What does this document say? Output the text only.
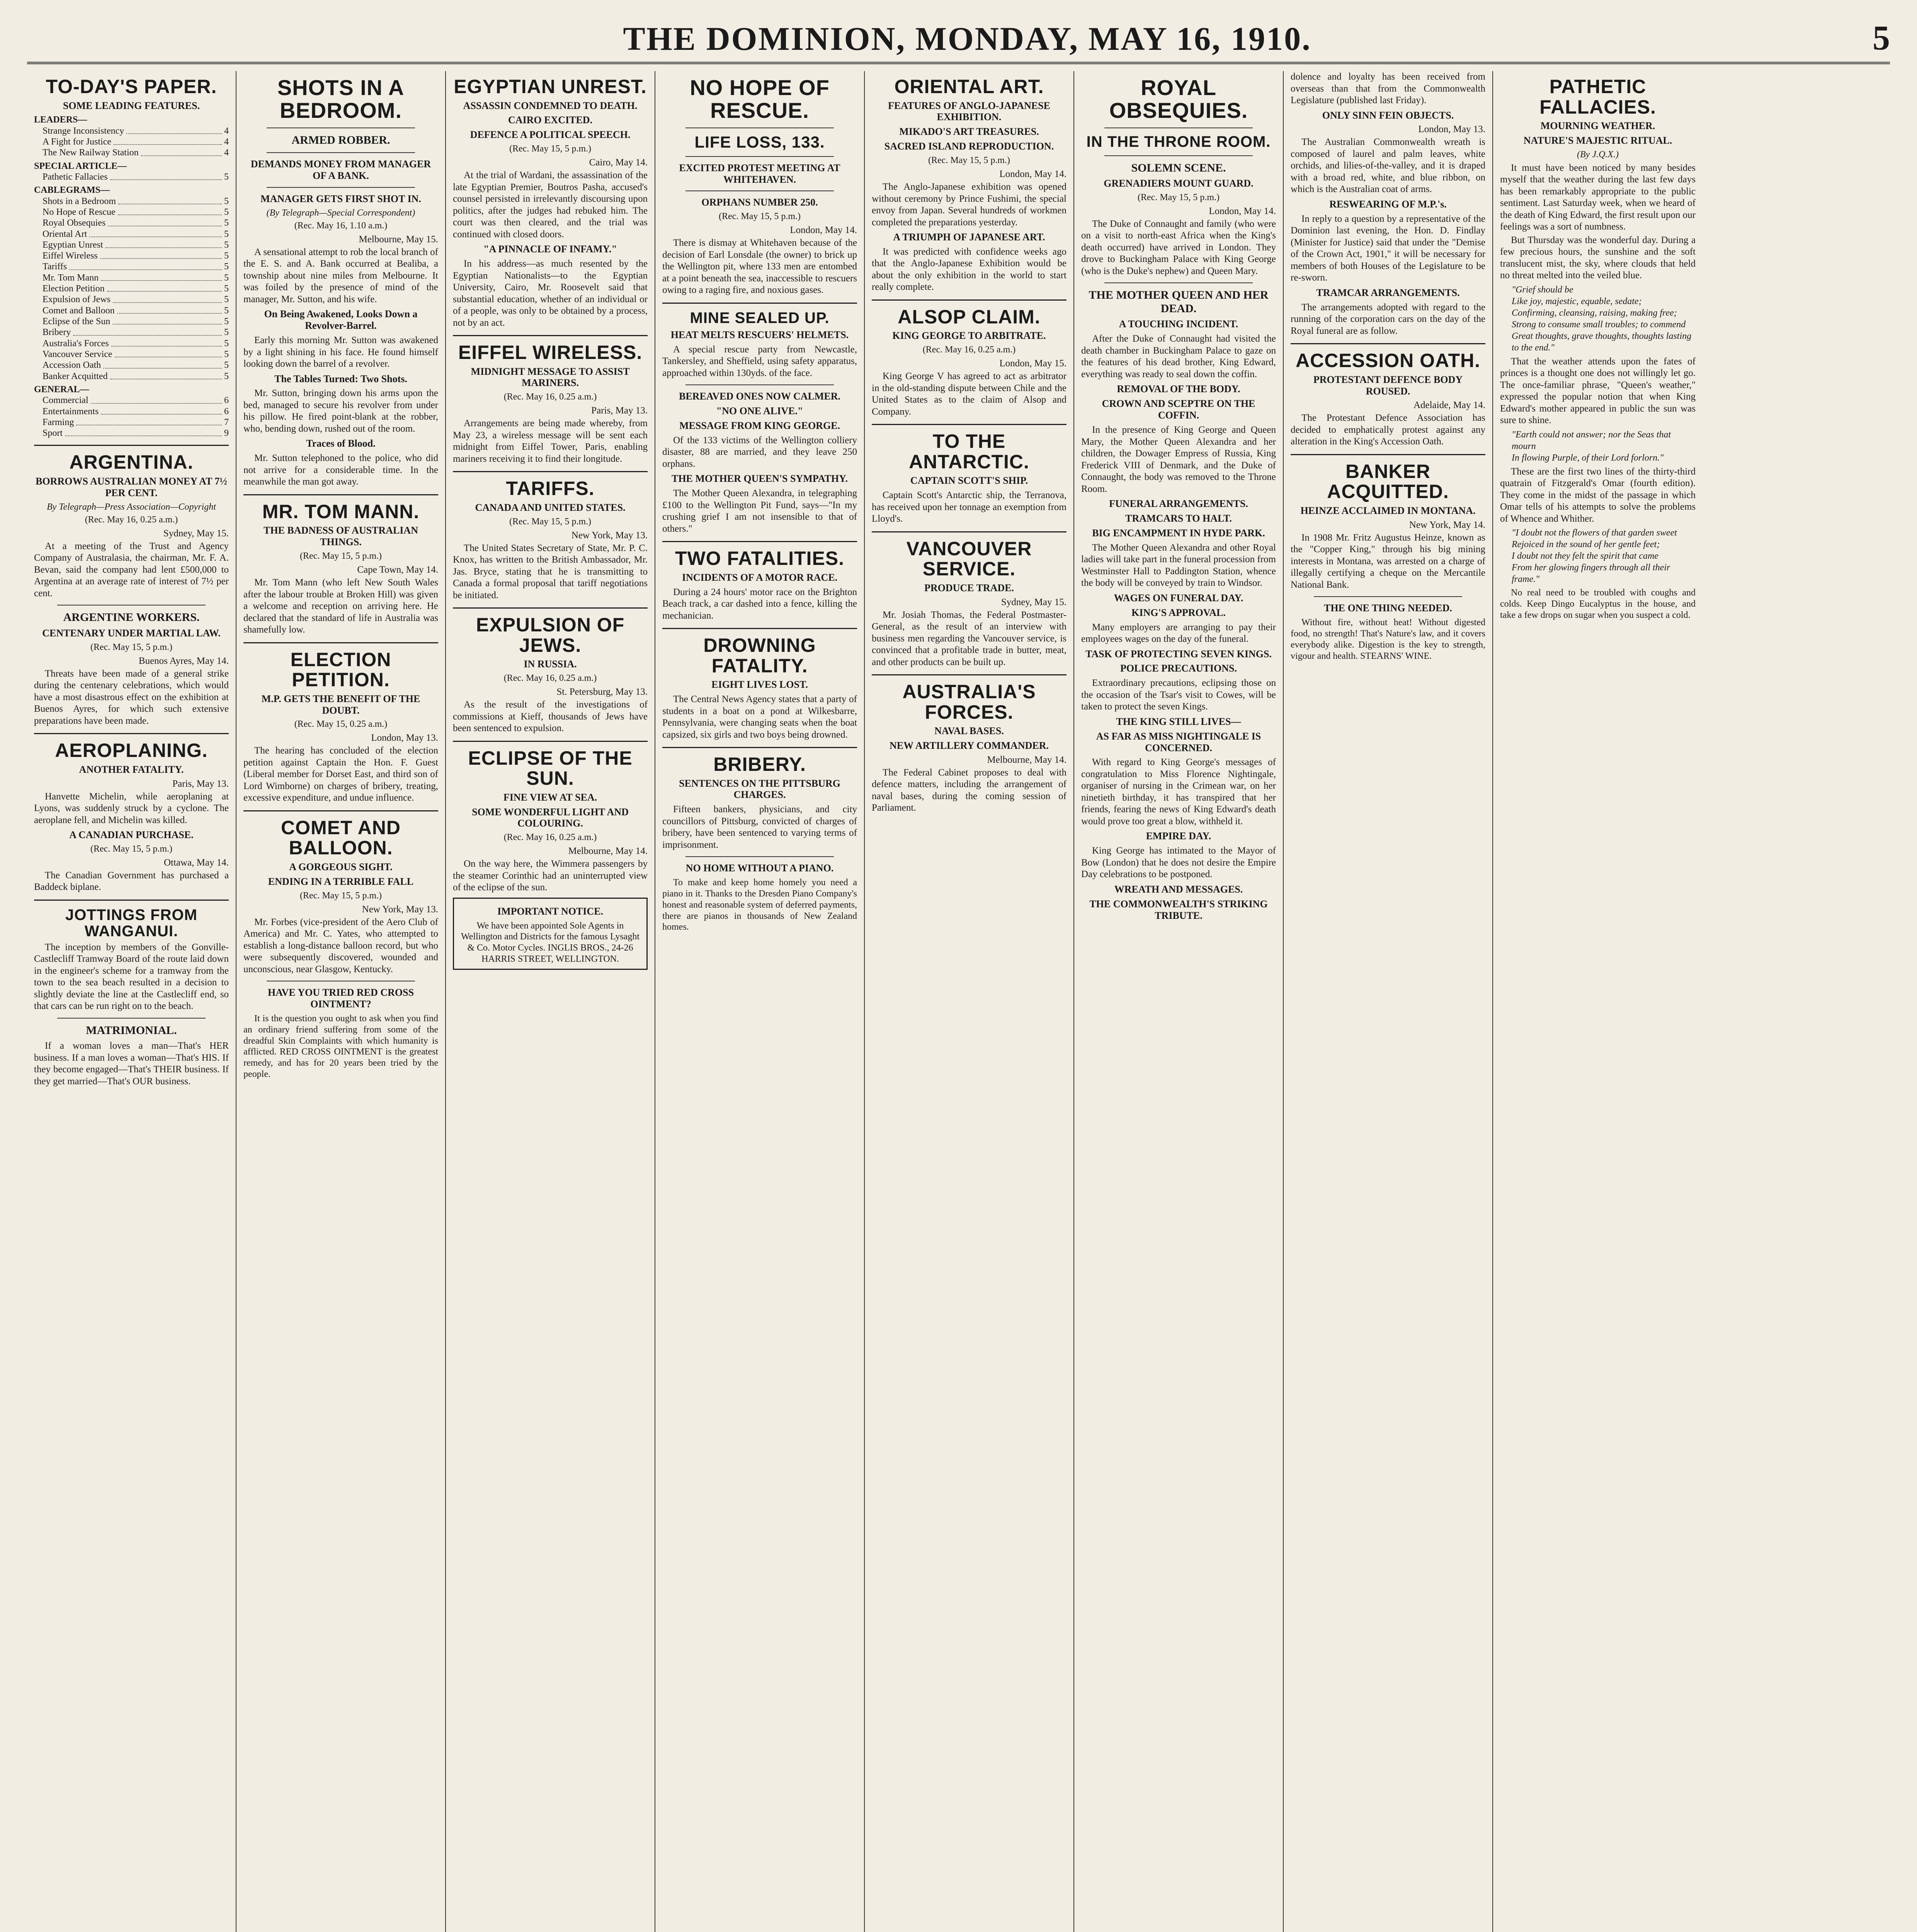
THE DOMINION, MONDAY, MAY 16, 1910.	5
TO-DAY'S PAPER.
SOME LEADING FEATURES.
LEADERS—
Strange Inconsistency	4
A Fight for Justice	4
The New Railway Station	4
SPECIAL ARTICLE—
Pathetic Fallacies	5
CABLEGRAMS—
Shots in a Bedroom	5
No Hope of Rescue	5
Royal Obsequies	5
Oriental Art	5
Egyptian Unrest	5
Eiffel Wireless	5
Tariffs	5
Mr. Tom Mann	5
Election Petition	5
Expulsion of Jews	5
Comet and Balloon	5
Eclipse of the Sun	5
Bribery	5
Australia's Forces	5
Vancouver Service	5
Accession Oath	5
Banker Acquitted	5
GENERAL—
Commercial	6
Entertainments	6
Farming	7
Sport	9
ARGENTINA.
BORROWS AUSTRALIAN MONEY AT 7½ PER CENT.
By Telegraph—Press Association—Copyright
(Rec. May 16, 0.25 a.m.)
Sydney, May 15.

At a meeting of the Trust and Agency Company of Australasia, the chairman, Mr. F. A. Bevan, said the company had lent £500,000 to Argentina at an average rate of interest of 7½ per cent.

ARGENTINE WORKERS.
CENTENARY UNDER MARTIAL LAW.
(Rec. May 15, 5 p.m.)
Buenos Ayres, May 14.

Threats have been made of a general strike during the centenary celebrations, which would have a most disastrous effect on the exhibition at Buenos Ayres, for which such extensive preparations have been made.

AEROPLANING.
ANOTHER FATALITY.
Paris, May 13.

Hanvette Michelin, while aeroplaning at Lyons, was suddenly struck by a cyclone. The aeroplane fell, and Michelin was killed.

A CANADIAN PURCHASE.
(Rec. May 15, 5 p.m.)
Ottawa, May 14.

The Canadian Government has purchased a Baddeck biplane.

JOTTINGS FROM WANGANUI.

The inception by members of the Gonville-Castlecliff Tramway Board of the route laid down in the engineer's scheme for a tramway from the town to the sea beach resulted in a decision to slightly deviate the line at the Castlecliff end, so that cars can be run right on to the beach.

MATRIMONIAL.

If a woman loves a man—That's HER business. If a man loves a woman—That's HIS. If they become engaged—That's THEIR business. If they get married—That's OUR business.

SHOTS IN A BEDROOM.
ARMED ROBBER.
DEMANDS MONEY FROM MANAGER OF A BANK.
MANAGER GETS FIRST SHOT IN.
(By Telegraph—Special Correspondent)
(Rec. May 16, 1.10 a.m.)
Melbourne, May 15.

A sensational attempt to rob the local branch of the E. S. and A. Bank occurred at Bealiba, a township about nine miles from Melbourne. It was foiled by the presence of mind of the manager, Mr. Sutton, and his wife.

On Being Awakened, Looks Down a Revolver-Barrel.

Early this morning Mr. Sutton was awakened by a light shining in his face. He found himself looking down the barrel of a revolver.

The Tables Turned: Two Shots.

Mr. Sutton, bringing down his arms upon the bed, managed to secure his revolver from under his pillow. He fired point-blank at the robber, who, bending down, rushed out of the room.

Traces of Blood.

Mr. Sutton telephoned to the police, who did not arrive for a considerable time. In the meanwhile the man got away.

MR. TOM MANN.
THE BADNESS OF AUSTRALIAN THINGS.
(Rec. May 15, 5 p.m.)
Cape Town, May 14.

Mr. Tom Mann (who left New South Wales after the labour trouble at Broken Hill) was given a welcome and reception on arriving here. He declared that the standard of life in Australia was shamefully low.

ELECTION PETITION.
M.P. GETS THE BENEFIT OF THE DOUBT.
(Rec. May 15, 0.25 a.m.)
London, May 13.

The hearing has concluded of the election petition against Captain the Hon. F. Guest (Liberal member for Dorset East, and third son of Lord Wimborne) on charges of bribery, treating, excessive expenditure, and undue influence.

COMET AND BALLOON.
A GORGEOUS SIGHT.
ENDING IN A TERRIBLE FALL
(Rec. May 15, 5 p.m.)
New York, May 13.

Mr. Forbes (vice-president of the Aero Club of America) and Mr. C. Yates, who attempted to establish a long-distance balloon record, but who were subsequently discovered, wounded and unconscious, near Glasgow, Kentucky.

HAVE YOU TRIED RED CROSS OINTMENT?

It is the question you ought to ask when you find an ordinary friend suffering from some of the dreadful Skin Complaints with which humanity is afflicted. RED CROSS OINTMENT is the greatest remedy, and has for 20 years been tried by the people.

EGYPTIAN UNREST.
ASSASSIN CONDEMNED TO DEATH.
CAIRO EXCITED.
DEFENCE A POLITICAL SPEECH.
(Rec. May 15, 5 p.m.)
Cairo, May 14.

At the trial of Wardani, the assassination of the late Egyptian Premier, Boutros Pasha, accused's counsel persisted in irrelevantly discoursing upon politics, after the judges had rebuked him. The court was then cleared, and the trial was continued with closed doors.

"A PINNACLE OF INFAMY."

In his address—as much resented by the Egyptian Nationalists—to the Egyptian University, Cairo, Mr. Roosevelt said that substantial education, whether of an individual or of a people, was only to be obtained by a process, not by an act.

EIFFEL WIRELESS.
MIDNIGHT MESSAGE TO ASSIST MARINERS.
(Rec. May 16, 0.25 a.m.)
Paris, May 13.

Arrangements are being made whereby, from May 23, a wireless message will be sent each midnight from Eiffel Tower, Paris, enabling mariners receiving it to find their longitude.

TARIFFS.
CANADA AND UNITED STATES.
(Rec. May 15, 5 p.m.)
New York, May 13.

The United States Secretary of State, Mr. P. C. Knox, has written to the British Ambassador, Mr. Jas. Bryce, stating that he is transmitting to Canada a formal proposal that tariff negotiations be initiated.

EXPULSION OF JEWS.
IN RUSSIA.
(Rec. May 16, 0.25 a.m.)
St. Petersburg, May 13.

As the result of the investigations of commissions at Kieff, thousands of Jews have been sentenced to expulsion.

ECLIPSE OF THE SUN.
FINE VIEW AT SEA.
SOME WONDERFUL LIGHT AND COLOURING.
(Rec. May 16, 0.25 a.m.)
Melbourne, May 14.

On the way here, the Wimmera passengers by the steamer Corinthic had an uninterrupted view of the eclipse of the sun.

IMPORTANT NOTICE.
We have been appointed Sole Agents in Wellington and Districts for the famous Lysaght & Co. Motor Cycles. INGLIS BROS., 24-26 HARRIS STREET, WELLINGTON.
NO HOPE OF RESCUE.
LIFE LOSS, 133.
EXCITED PROTEST MEETING AT WHITEHAVEN.
ORPHANS NUMBER 250.
(Rec. May 15, 5 p.m.)
London, May 14.

There is dismay at Whitehaven because of the decision of Earl Lonsdale (the owner) to brick up the Wellington pit, where 133 men are entombed at a point beneath the sea, inaccessible to rescuers owing to a raging fire, and noxious gases.

MINE SEALED UP.
HEAT MELTS RESCUERS' HELMETS.

A special rescue party from Newcastle, Tankersley, and Sheffield, using safety apparatus, approached within 130yds. of the face.

BEREAVED ONES NOW CALMER.
"NO ONE ALIVE."
MESSAGE FROM KING GEORGE.

Of the 133 victims of the Wellington colliery disaster, 88 are married, and they leave 250 orphans.

THE MOTHER QUEEN'S SYMPATHY.

The Mother Queen Alexandra, in telegraphing £100 to the Wellington Pit Fund, says—"In my crushing grief I am not insensible to that of others."

TWO FATALITIES.
INCIDENTS OF A MOTOR RACE.

During a 24 hours' motor race on the Brighton Beach track, a car dashed into a fence, killing the mechanician.

DROWNING FATALITY.
EIGHT LIVES LOST.

The Central News Agency states that a party of students in a boat on a pond at Wilkesbarre, Pennsylvania, were changing seats when the boat capsized, six girls and two boys being drowned.

BRIBERY.
SENTENCES ON THE PITTSBURG CHARGES.

Fifteen bankers, physicians, and city councillors of Pittsburg, convicted of charges of bribery, have been sentenced to varying terms of imprisonment.

NO HOME WITHOUT A PIANO.

To make and keep home homely you need a piano in it. Thanks to the Dresden Piano Company's honest and reasonable system of deferred payments, there are pianos in thousands of New Zealand homes.

ORIENTAL ART.
FEATURES OF ANGLO-JAPANESE EXHIBITION.
MIKADO'S ART TREASURES.
SACRED ISLAND REPRODUCTION.
(Rec. May 15, 5 p.m.)
London, May 14.

The Anglo-Japanese exhibition was opened without ceremony by Prince Fushimi, the special envoy from Japan. Several hundreds of workmen completed the preparations yesterday.

A TRIUMPH OF JAPANESE ART.

It was predicted with confidence weeks ago that the Anglo-Japanese Exhibition would be about the only exhibition in the world to start really complete.

ALSOP CLAIM.
KING GEORGE TO ARBITRATE.
(Rec. May 16, 0.25 a.m.)
London, May 15.

King George V has agreed to act as arbitrator in the old-standing dispute between Chile and the United States as to the claim of Alsop and Company.

TO THE ANTARCTIC.
CAPTAIN SCOTT'S SHIP.

Captain Scott's Antarctic ship, the Terranova, has received upon her tonnage an exemption from Lloyd's.

VANCOUVER SERVICE.
PRODUCE TRADE.
Sydney, May 15.

Mr. Josiah Thomas, the Federal Postmaster-General, as the result of an interview with business men regarding the Vancouver service, is convinced that a profitable trade in butter, meat, and other products can be built up.

AUSTRALIA'S FORCES.
NAVAL BASES.
NEW ARTILLERY COMMANDER.
Melbourne, May 14.

The Federal Cabinet proposes to deal with defence matters, including the arrangement of naval bases, during the coming session of Parliament.

ROYAL OBSEQUIES.
IN THE THRONE ROOM.
SOLEMN SCENE.
GRENADIERS MOUNT GUARD.
(Rec. May 15, 5 p.m.)
London, May 14.

The Duke of Connaught and family (who were on a visit to north-east Africa when the King's death occurred) have arrived in London. They drove to Buckingham Palace with King George (who is the Duke's nephew) and Queen Mary.

THE MOTHER QUEEN AND HER DEAD.
A TOUCHING INCIDENT.

After the Duke of Connaught had visited the death chamber in Buckingham Palace to gaze on the features of his dead brother, King Edward, everything was ready to seal down the coffin.

REMOVAL OF THE BODY.
CROWN AND SCEPTRE ON THE COFFIN.

In the presence of King George and Queen Mary, the Mother Queen Alexandra and her children, the Dowager Empress of Russia, King Frederick VIII of Denmark, and the Duke of Connaught, the body was removed to the Throne Room.

FUNERAL ARRANGEMENTS.
TRAMCARS TO HALT.
BIG ENCAMPMENT IN HYDE PARK.

The Mother Queen Alexandra and other Royal ladies will take part in the funeral procession from Westminster Hall to Paddington Station, whence the body will be conveyed by train to Windsor.

WAGES ON FUNERAL DAY.
KING'S APPROVAL.

Many employers are arranging to pay their employees wages on the day of the funeral.

TASK OF PROTECTING SEVEN KINGS.
POLICE PRECAUTIONS.

Extraordinary precautions, eclipsing those on the occasion of the Tsar's visit to Cowes, will be taken to protect the seven Kings.

THE KING STILL LIVES—
AS FAR AS MISS NIGHTINGALE IS CONCERNED.

With regard to King George's messages of congratulation to Miss Florence Nightingale, organiser of nursing in the Crimean war, on her ninetieth birthday, it has transpired that her friends, fearing the news of King Edward's death would prove too great a blow, withheld it.

EMPIRE DAY.

King George has intimated to the Mayor of Bow (London) that he does not desire the Empire Day celebrations to be postponed.

WREATH AND MESSAGES.
THE COMMONWEALTH'S STRIKING TRIBUTE.

dolence and loyalty has been received from overseas than that from the Commonwealth Legislature (published last Friday).

ONLY SINN FEIN OBJECTS.
London, May 13.

The Australian Commonwealth wreath is composed of laurel and palm leaves, white orchids, and lilies-of-the-valley, and it is draped with a broad red, white, and blue ribbon, on which is the Australian coat of arms.

RESWEARING OF M.P.'s.

In reply to a question by a representative of the Dominion last evening, the Hon. D. Findlay (Minister for Justice) said that under the "Demise of the Crown Act, 1901," it will be necessary for members of both Houses of the Legislature to be re-sworn.

TRAMCAR ARRANGEMENTS.

The arrangements adopted with regard to the running of the corporation cars on the day of the Royal funeral are as follow.

ACCESSION OATH.
PROTESTANT DEFENCE BODY ROUSED.
Adelaide, May 14.

The Protestant Defence Association has decided to emphatically protest against any alteration in the King's Accession Oath.

BANKER ACQUITTED.
HEINZE ACCLAIMED IN MONTANA.
New York, May 14.

In 1908 Mr. Fritz Augustus Heinze, known as the "Copper King," through his big mining interests in Montana, was arrested on a charge of illegally certifying a cheque on the Mercantile National Bank.

THE ONE THING NEEDED.

Without fire, without heat! Without digested food, no strength! That's Nature's law, and it covers everybody alike. Digestion is the key to strength, vigour and health. STEARNS' WINE.

PATHETIC FALLACIES.
MOURNING WEATHER.
NATURE'S MAJESTIC RITUAL.
(By J.Q.X.)

It must have been noticed by many besides myself that the weather during the last few days has been remarkably appropriate to the public sentiment. Last Saturday week, when we heard of the death of King Edward, the first result upon our feelings was a sort of numbness.

But Thursday was the wonderful day. During a few precious hours, the sunshine and the soft translucent mist, the sky, where clouds that held no threat melted into the veiled blue.

"Grief should be
Like joy, majestic, equable, sedate;
Confirming, cleansing, raising, making free;
Strong to consume small troubles; to commend
Great thoughts, grave thoughts, thoughts lasting to the end."

That the weather attends upon the fates of princes is a thought one does not willingly let go. The once-familiar phrase, "Queen's weather," expressed the popular notion that when King Edward's mother appeared in public the sun was sure to shine.

"Earth could not answer; nor the Seas that mourn
In flowing Purple, of their Lord forlorn."

These are the first two lines of the thirty-third quatrain of Fitzgerald's Omar (fourth edition). They come in the midst of the passage in which Omar tells of his attempts to solve the problems of Whence and Whither.

"I doubt not the flowers of that garden sweet
Rejoiced in the sound of her gentle feet;
I doubt not they felt the spirit that came
From her glowing fingers through all their frame."

No real need to be troubled with coughs and colds. Keep Dingo Eucalyptus in the house, and take a few drops on sugar when you suspect a cold.
